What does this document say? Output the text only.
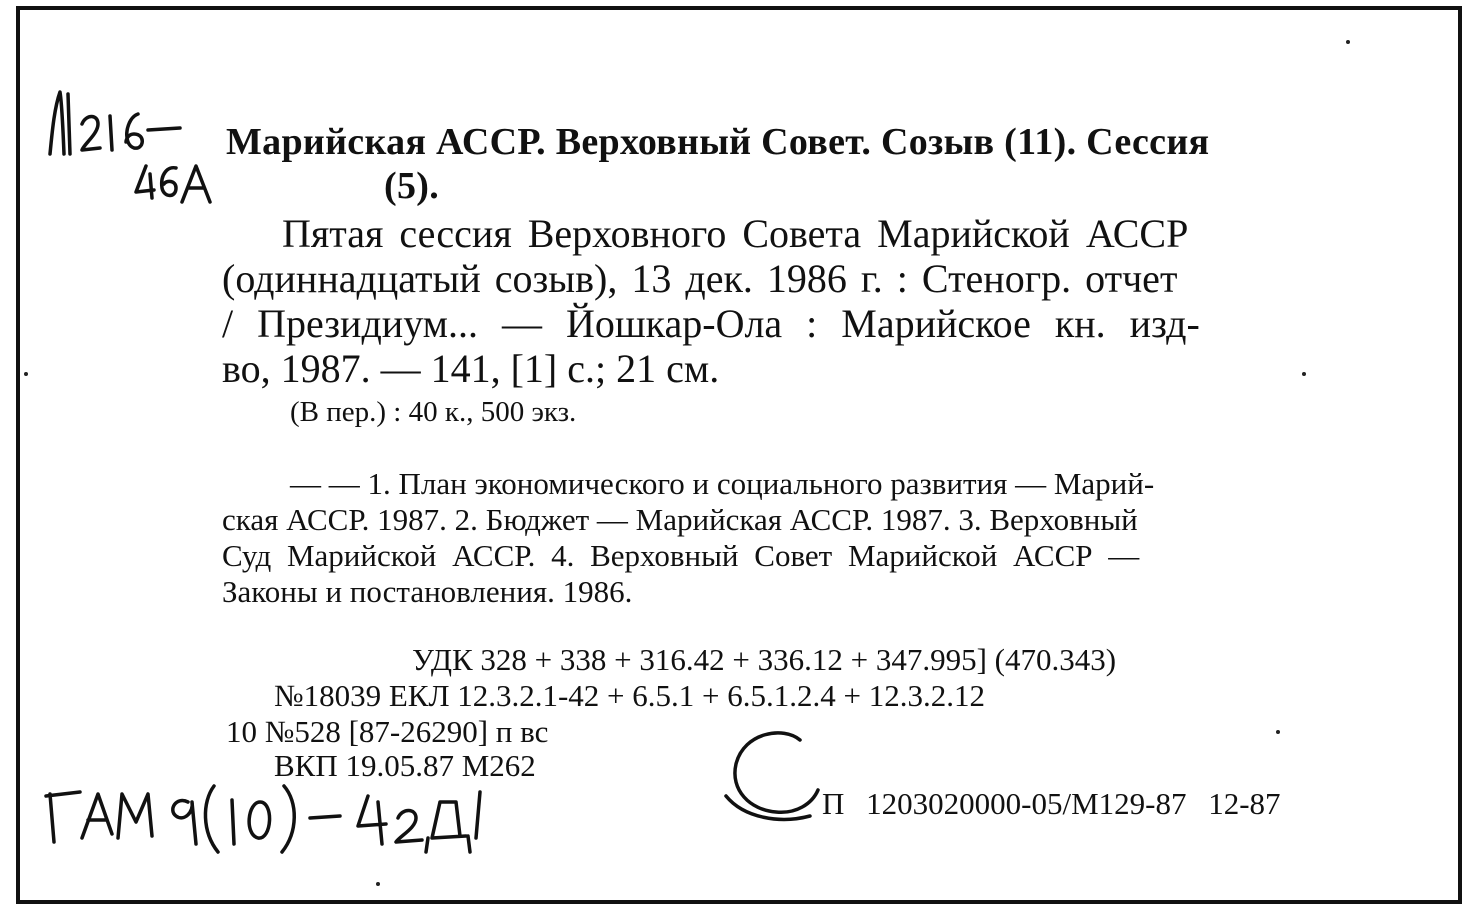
Марийская АССР. Верховный Совет. Созыв (11). Сессия
(5).
Пятая сессия Верховного Совета Марийской АССР
(одиннадцатый созыв), 13 дек. 1986 г. : Стеногр. отчет
/ Президиум... — Йошкар-Ола : Марийское кн. изд-
во, 1987. — 141, [1] с.; 21 см.
(В пер.) : 40 к., 500 экз.
— — 1. План экономического и социального развития — Марий-
ская АССР. 1987. 2. Бюджет — Марийская АССР. 1987. 3. Верховный
Суд Марийской АССР. 4. Верховный Совет Марийской АССР —
Законы и постановления. 1986.
УДК 328 + 338 + 316.42 + 336.12 + 347.995] (470.343)
№18039 ЕКЛ 12.3.2.1-42 + 6.5.1 + 6.5.1.2.4 + 12.3.2.12
10 №528 [87-26290] п вс
ВКП 19.05.87 М262
П 1203020000-05/М129-87 12-87
